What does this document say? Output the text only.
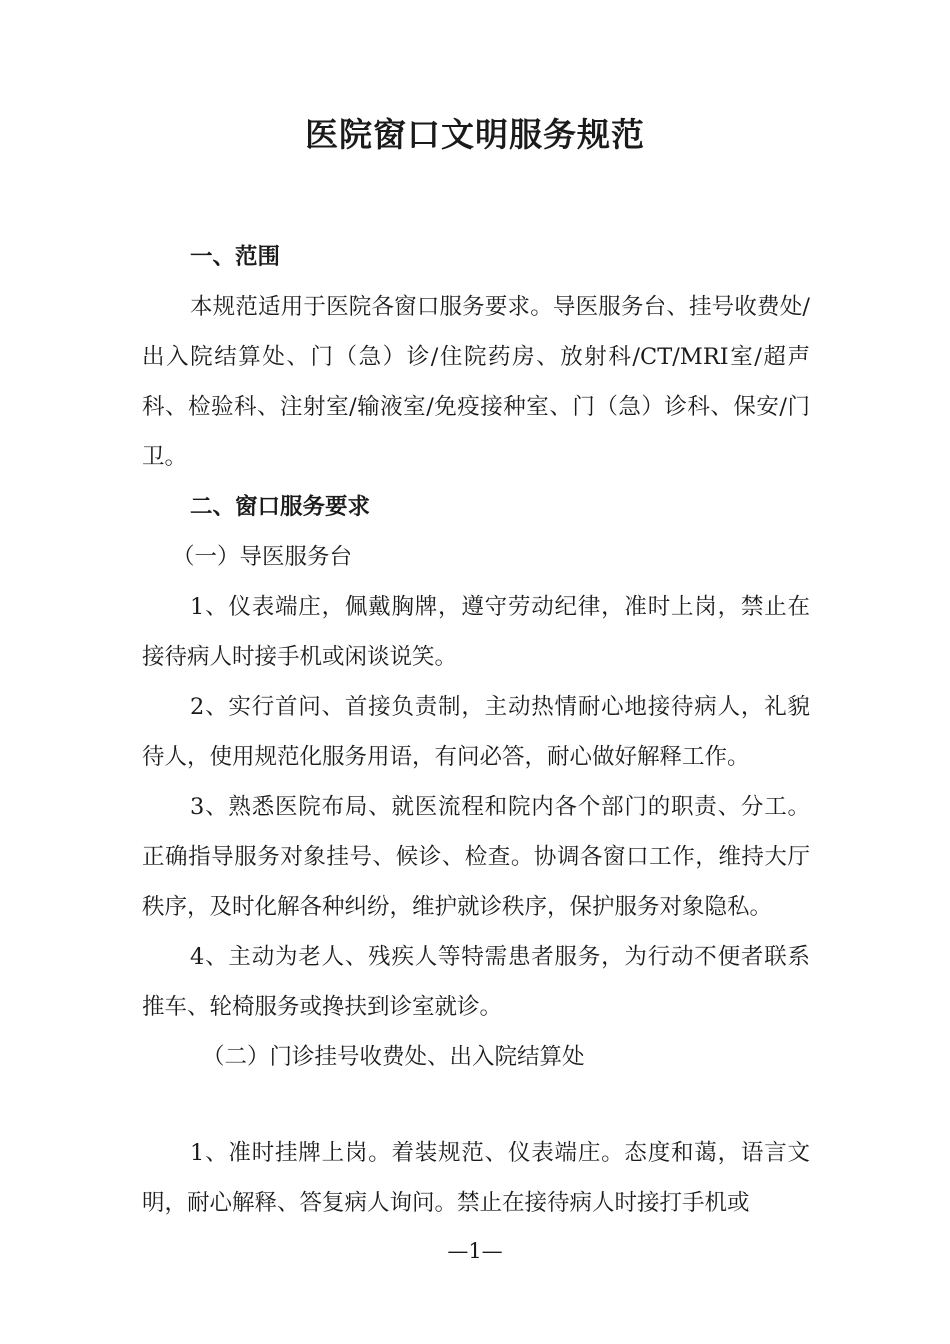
医院窗口文明服务规范

一、范围

本规范适用于医院各窗口服务要求。导医服务台、挂号收费处/出入院结算处、门（急）诊/住院药房、放射科/CT/MRI室/超声科、检验科、注射室/输液室/免疫接种室、门（急）诊科、保安/门卫。

二、窗口服务要求

（一）导医服务台

1、仪表端庄，佩戴胸牌，遵守劳动纪律，准时上岗，禁止在接待病人时接手机或闲谈说笑。

2、实行首问、首接负责制，主动热情耐心地接待病人，礼貌待人，使用规范化服务用语，有问必答，耐心做好解释工作。

3、熟悉医院布局、就医流程和院内各个部门的职责、分工。正确指导服务对象挂号、候诊、检查。协调各窗口工作，维持大厅秩序，及时化解各种纠纷，维护就诊秩序，保护服务对象隐私。

4、主动为老人、残疾人等特需患者服务，为行动不便者联系推车、轮椅服务或搀扶到诊室就诊。

（二）门诊挂号收费处、出入院结算处

1、准时挂牌上岗。着装规范、仪表端庄。态度和蔼，语言文明，耐心解释、答复病人询问。禁止在接待病人时接打手机或

—1—
